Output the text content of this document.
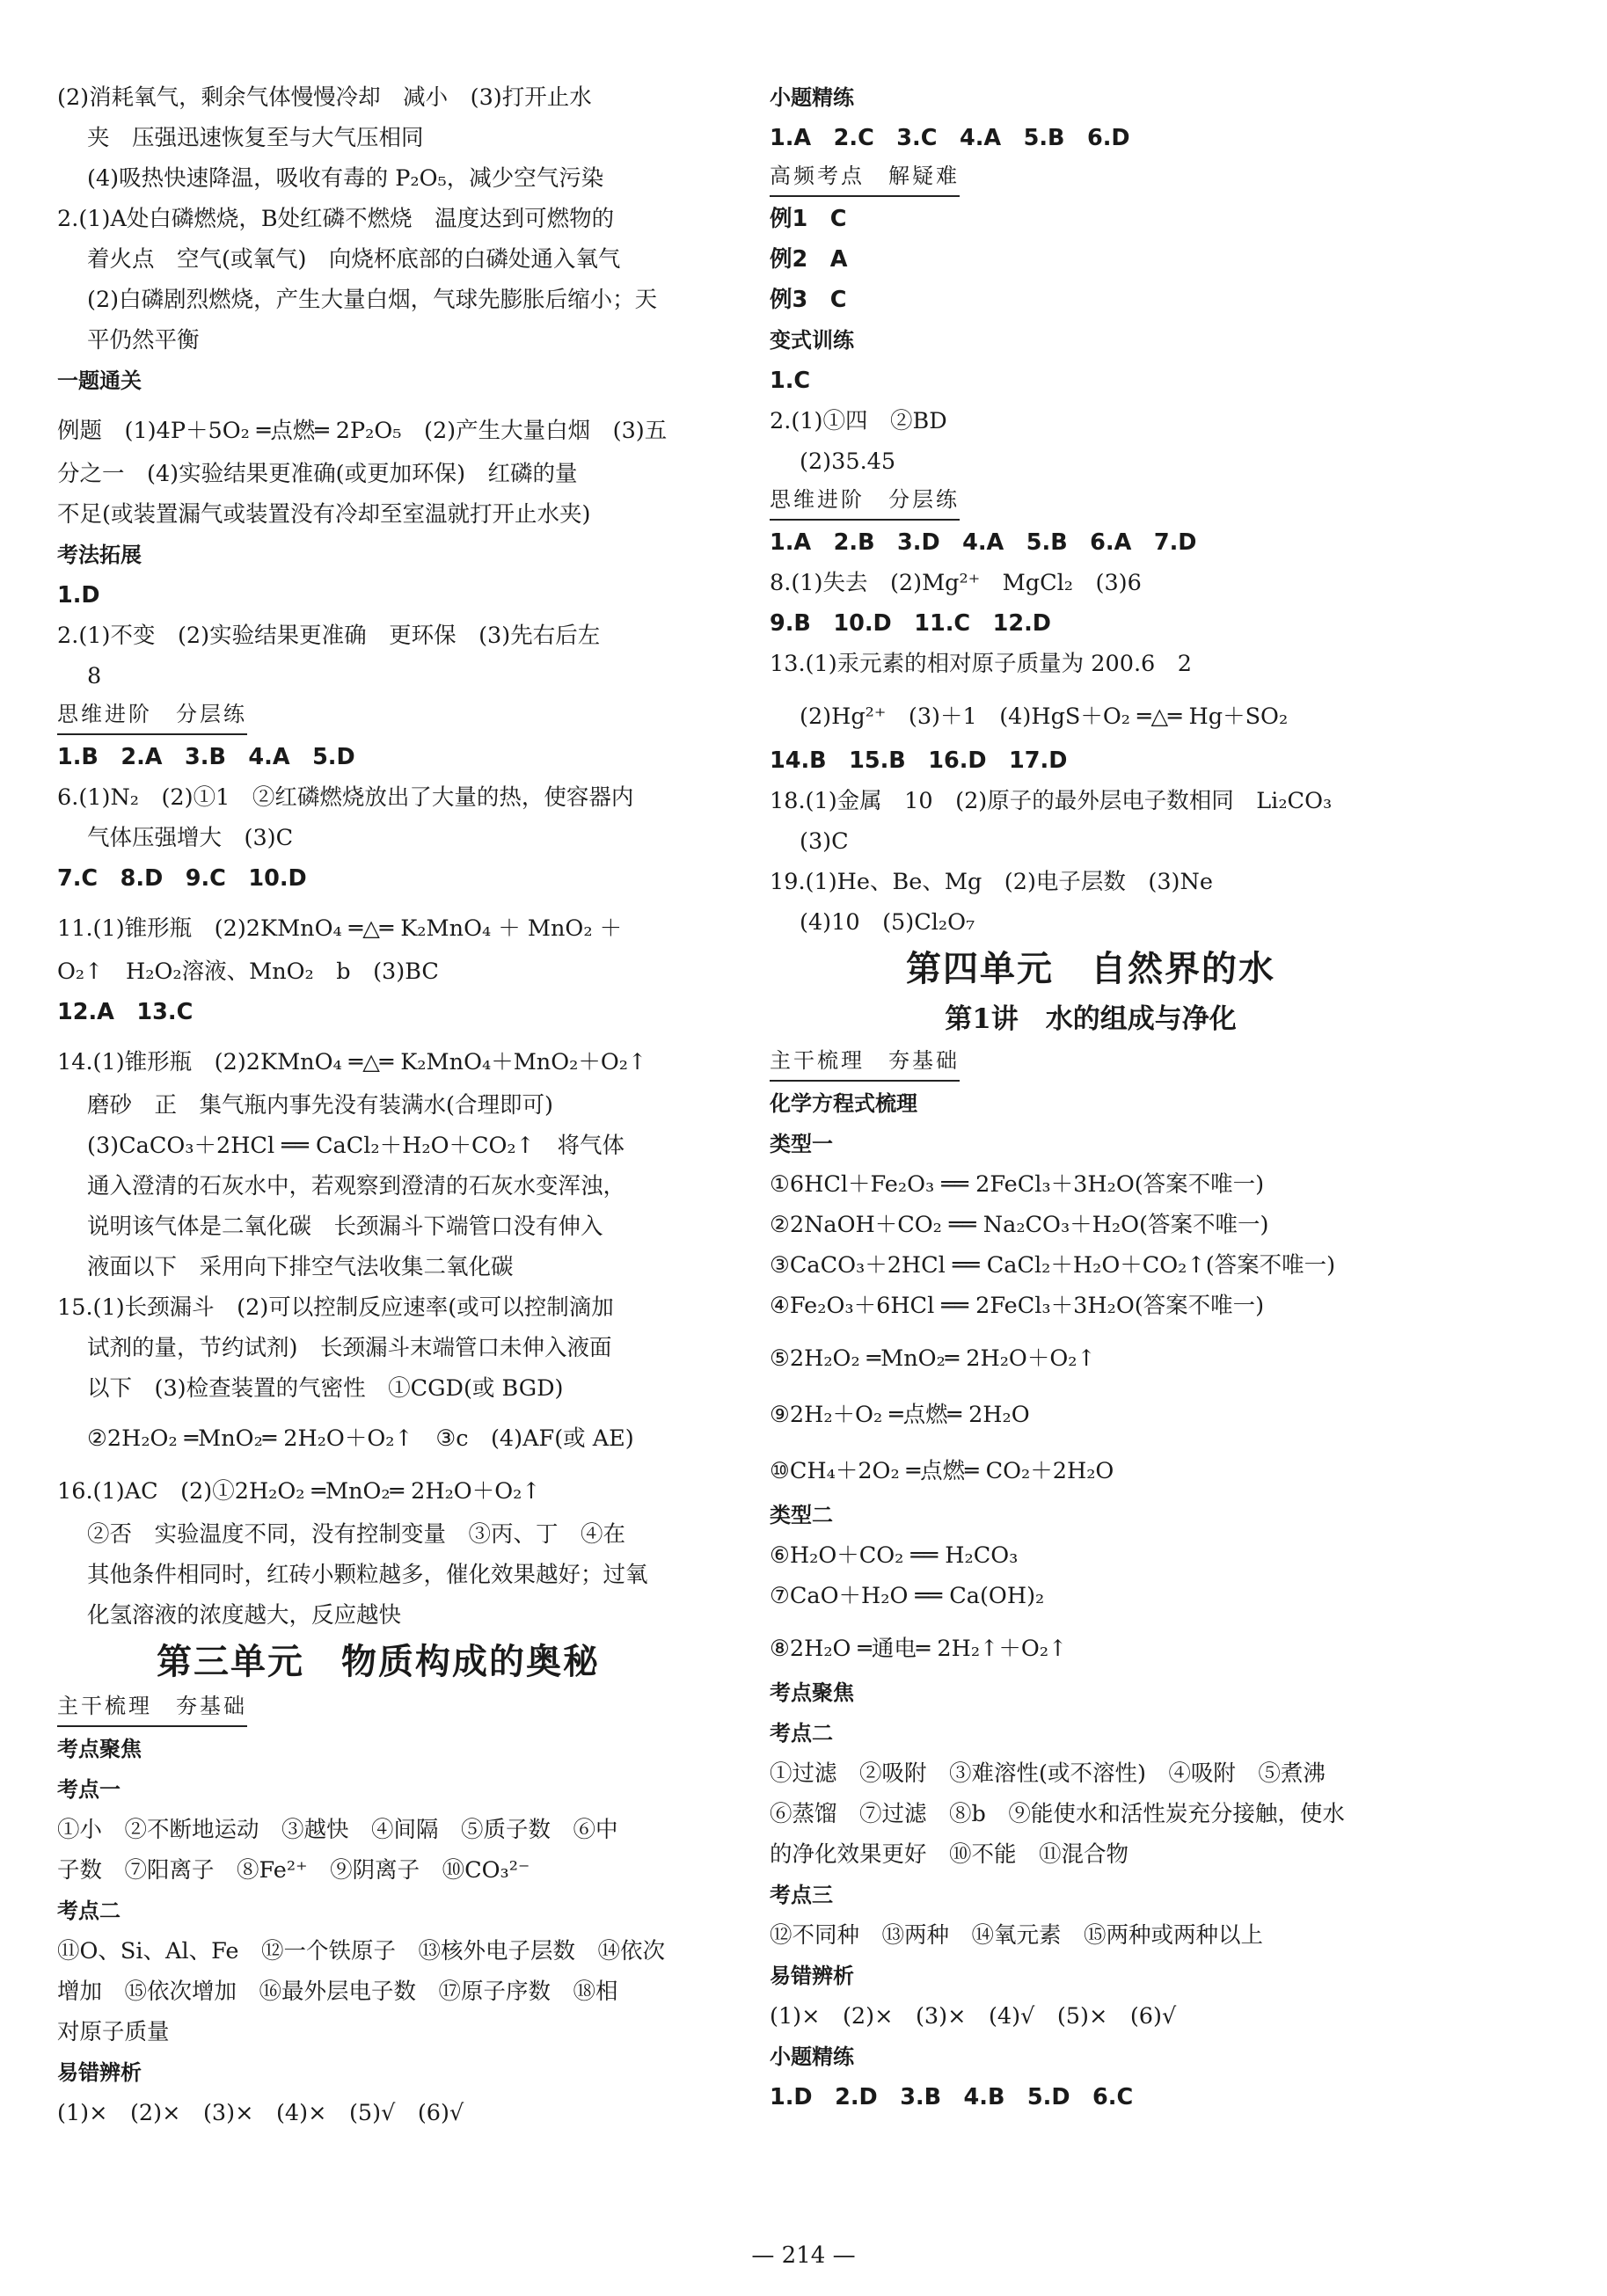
(2)消耗氧气，剩余气体慢慢冷却　减小　(3)打开止水
夹　压强迅速恢复至与大气压相同
(4)吸热快速降温，吸收有毒的 P₂O₅，减少空气污染
2.(1)A处白磷燃烧，B处红磷不燃烧　温度达到可燃物的
着火点　空气(或氧气)　向烧杯底部的白磷处通入氧气
(2)白磷剧烈燃烧，产生大量白烟，气球先膨胀后缩小；天
平仍然平衡
一题通关
例题　(1)4P＋5O₂ ═点燃═ 2P₂O₅　(2)产生大量白烟　(3)五
分之一　(4)实验结果更准确(或更加环保)　红磷的量
不足(或装置漏气或装置没有冷却至室温就打开止水夹)
考法拓展
1.D
2.(1)不变　(2)实验结果更准确　更环保　(3)先右后左
8
思维进阶　分层练
1.B　2.A　3.B　4.A　5.D
6.(1)N₂　(2)①1　②红磷燃烧放出了大量的热，使容器内
气体压强增大　(3)C
7.C　8.D　9.C　10.D
11.(1)锥形瓶　(2)2KMnO₄ ═△═ K₂MnO₄ ＋ MnO₂ ＋
O₂↑　H₂O₂溶液、MnO₂　b　(3)BC
12.A　13.C
14.(1)锥形瓶　(2)2KMnO₄ ═△═ K₂MnO₄＋MnO₂＋O₂↑
磨砂　正　集气瓶内事先没有装满水(合理即可)
(3)CaCO₃＋2HCl ══ CaCl₂＋H₂O＋CO₂↑　将气体
通入澄清的石灰水中，若观察到澄清的石灰水变浑浊，
说明该气体是二氧化碳　长颈漏斗下端管口没有伸入
液面以下　采用向下排空气法收集二氧化碳
15.(1)长颈漏斗　(2)可以控制反应速率(或可以控制滴加
试剂的量，节约试剂)　长颈漏斗末端管口未伸入液面
以下　(3)检查装置的气密性　①CGD(或 BGD)
②2H₂O₂ ═MnO₂═ 2H₂O＋O₂↑　③c　(4)AF(或 AE)
16.(1)AC　(2)①2H₂O₂ ═MnO₂═ 2H₂O＋O₂↑
②否　实验温度不同，没有控制变量　③丙、丁　④在
其他条件相同时，红砖小颗粒越多，催化效果越好；过氧
化氢溶液的浓度越大，反应越快
第三单元　物质构成的奥秘
主干梳理　夯基础
考点聚焦
考点一
①小　②不断地运动　③越快　④间隔　⑤质子数　⑥中
子数　⑦阳离子　⑧Fe²⁺　⑨阴离子　⑩CO₃²⁻
考点二
⑪O、Si、Al、Fe　⑫一个铁原子　⑬核外电子层数　⑭依次
增加　⑮依次增加　⑯最外层电子数　⑰原子序数　⑱相
对原子质量
易错辨析
(1)×　(2)×　(3)×　(4)×　(5)√　(6)√
小题精练
1.A　2.C　3.C　4.A　5.B　6.D
高频考点　解疑难
例1　C
例2　A
例3　C
变式训练
1.C
2.(1)①四　②BD
(2)35.45
思维进阶　分层练
1.A　2.B　3.D　4.A　5.B　6.A　7.D
8.(1)失去　(2)Mg²⁺　MgCl₂　(3)6
9.B　10.D　11.C　12.D
13.(1)汞元素的相对原子质量为 200.6　2
(2)Hg²⁺　(3)＋1　(4)HgS＋O₂ ═△═ Hg＋SO₂
14.B　15.B　16.D　17.D
18.(1)金属　10　(2)原子的最外层电子数相同　Li₂CO₃
(3)C
19.(1)He、Be、Mg　(2)电子层数　(3)Ne
(4)10　(5)Cl₂O₇
第四单元　自然界的水
第1讲　水的组成与净化
主干梳理　夯基础
化学方程式梳理
类型一
①6HCl＋Fe₂O₃ ══ 2FeCl₃＋3H₂O(答案不唯一)
②2NaOH＋CO₂ ══ Na₂CO₃＋H₂O(答案不唯一)
③CaCO₃＋2HCl ══ CaCl₂＋H₂O＋CO₂↑(答案不唯一)
④Fe₂O₃＋6HCl ══ 2FeCl₃＋3H₂O(答案不唯一)
⑤2H₂O₂ ═MnO₂═ 2H₂O＋O₂↑
⑨2H₂＋O₂ ═点燃═ 2H₂O
⑩CH₄＋2O₂ ═点燃═ CO₂＋2H₂O
类型二
⑥H₂O＋CO₂ ══ H₂CO₃
⑦CaO＋H₂O ══ Ca(OH)₂
⑧2H₂O ═通电═ 2H₂↑＋O₂↑
考点聚焦
考点二
①过滤　②吸附　③难溶性(或不溶性)　④吸附　⑤煮沸
⑥蒸馏　⑦过滤　⑧b　⑨能使水和活性炭充分接触，使水
的净化效果更好　⑩不能　⑪混合物
考点三
⑫不同种　⑬两种　⑭氧元素　⑮两种或两种以上
易错辨析
(1)×　(2)×　(3)×　(4)√　(5)×　(6)√
小题精练
1.D　2.D　3.B　4.B　5.D　6.C
— 214 —
